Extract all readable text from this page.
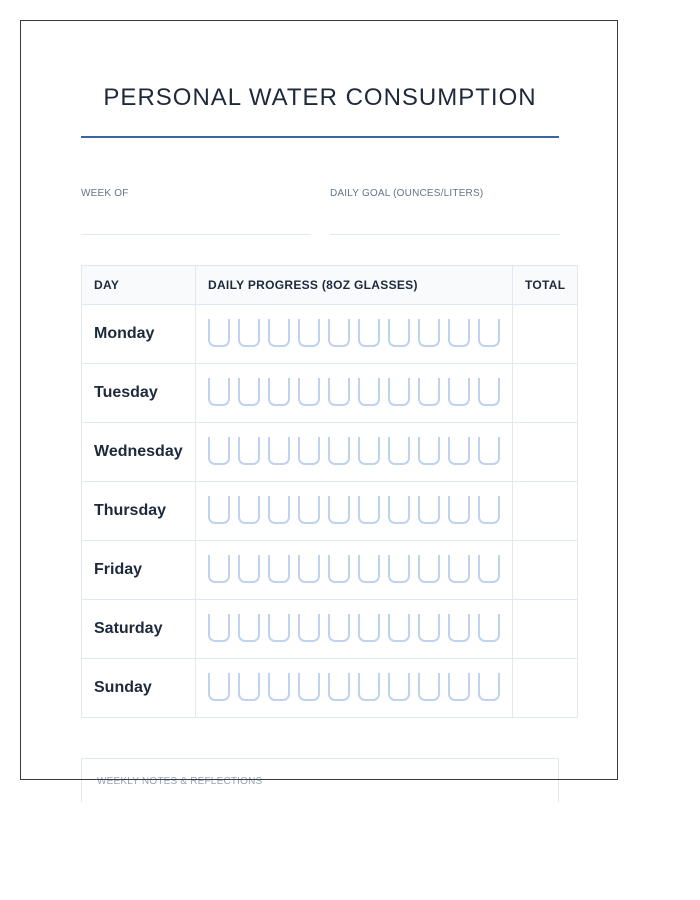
PERSONAL WATER CONSUMPTION
WEEK OF	DAILY GOAL (OUNCES/LITERS)
DAY	DAILY PROGRESS (8OZ GLASSES)	TOTAL
Monday	

Tuesday	

Wednesday	

Thursday	

Friday	

Saturday	

Sunday	

WEEKLY NOTES & REFLECTIONS
